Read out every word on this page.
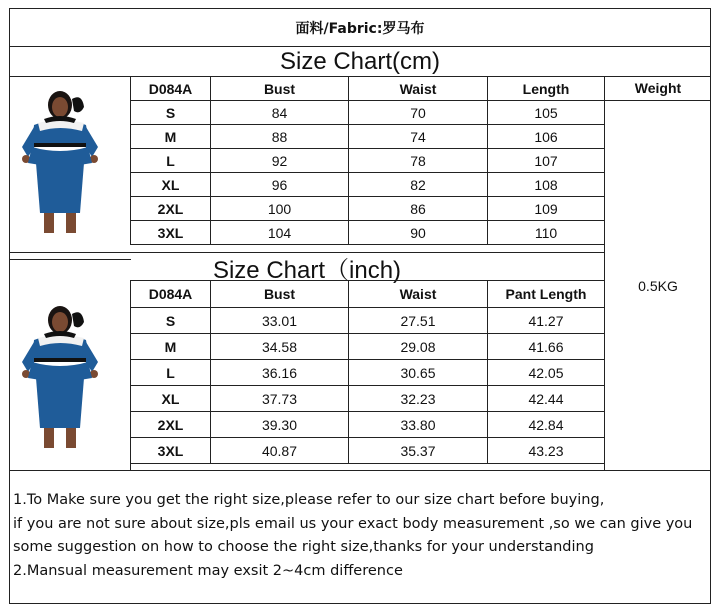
面料/Fabric:罗马布
Size Chart(cm)
D084A	Bust	Waist	Length
S	84	70	105
M	88	74	106
L	92	78	107
XL	96	82	108
2XL	100	86	109
3XL	104	90	110
Size Chart（inch)
D084A	Bust	Waist	Pant Length
S	33.01	27.51	41.27
M	34.58	29.08	41.66
L	36.16	30.65	42.05
XL	37.73	32.23	42.44
2XL	39.30	33.80	42.84
3XL	40.87	35.37	43.23
Weight
0.5KG
1.To Make sure you get the right size,please refer to our size chart before buying,
if you are not sure about size,pls email us your exact body measurement ,so we can give you
some suggestion on how to choose the right size,thanks for your understanding
2.Mansual measurement may exsit 2~4cm difference
